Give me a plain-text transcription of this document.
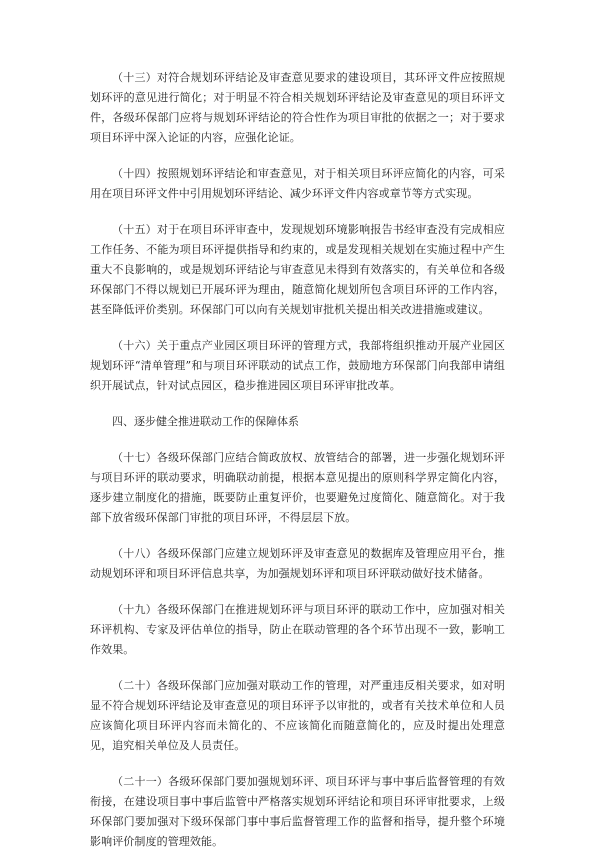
（十三）对符合规划环评结论及审查意见要求的建设项目，其环评文件应按照规划环评的意见进行简化；对于明显不符合相关规划环评结论及审查意见的项目环评文件，各级环保部门应将与规划环评结论的符合性作为项目审批的依据之一；对于要求项目环评中深入论证的内容，应强化论证。

（十四）按照规划环评结论和审查意见，对于相关项目环评应简化的内容，可采用在项目环评文件中引用规划环评结论、减少环评文件内容或章节等方式实现。

（十五）对于在项目环评审查中，发现规划环境影响报告书经审查没有完成相应工作任务、不能为项目环评提供指导和约束的，或是发现相关规划在实施过程中产生重大不良影响的，或是规划环评结论与审查意见未得到有效落实的，有关单位和各级环保部门不得以规划已开展环评为理由，随意简化规划所包含项目环评的工作内容，甚至降低评价类别。环保部门可以向有关规划审批机关提出相关改进措施或建议。

（十六）关于重点产业园区项目环评的管理方式，我部将组织推动开展产业园区规划环评“清单管理”和与项目环评联动的试点工作，鼓励地方环保部门向我部申请组织开展试点，针对试点园区，稳步推进园区项目环评审批改革。

四、逐步健全推进联动工作的保障体系

（十七）各级环保部门应结合简政放权、放管结合的部署，进一步强化规划环评与项目环评的联动要求，明确联动前提，根据本意见提出的原则科学界定简化内容，逐步建立制度化的措施，既要防止重复评价，也要避免过度简化、随意简化。对于我部下放省级环保部门审批的项目环评，不得层层下放。

（十八）各级环保部门应建立规划环评及审查意见的数据库及管理应用平台，推动规划环评和项目环评信息共享，为加强规划环评和项目环评联动做好技术储备。

（十九）各级环保部门在推进规划环评与项目环评的联动工作中，应加强对相关环评机构、专家及评估单位的指导，防止在联动管理的各个环节出现不一致，影响工作效果。

（二十）各级环保部门应加强对联动工作的管理，对严重违反相关要求，如对明显不符合规划环评结论及审查意见的项目环评予以审批的，或者有关技术单位和人员应该简化项目环评内容而未简化的、不应该简化而随意简化的，应及时提出处理意见，追究相关单位及人员责任。

（二十一）各级环保部门要加强规划环评、项目环评与事中事后监督管理的有效衔接，在建设项目事中事后监管中严格落实规划环评结论和项目环评审批要求，上级环保部门要加强对下级环保部门事中事后监督管理工作的监督和指导，提升整个环境影响评价制度的管理效能。
